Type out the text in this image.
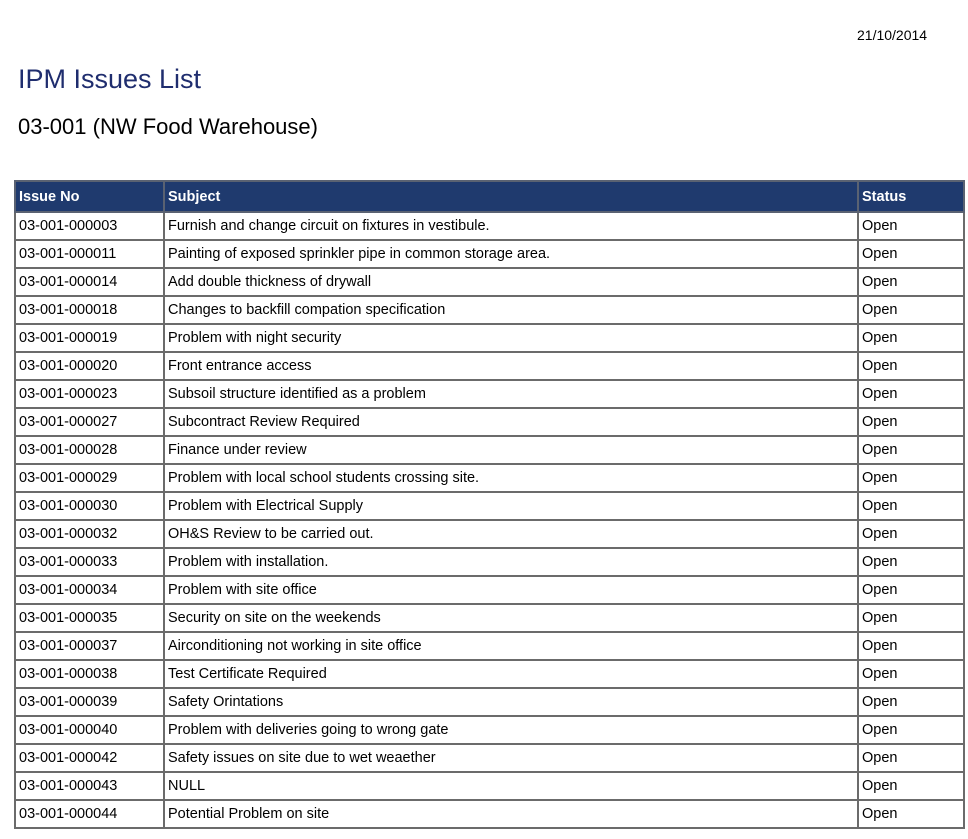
21/10/2014
IPM Issues List
03-001 (NW Food Warehouse)
Issue No	Subject	Status
03-001-000003	Furnish and change circuit on fixtures in vestibule.	Open
03-001-000011	Painting of exposed sprinkler pipe in common storage area.	Open
03-001-000014	Add double thickness of drywall	Open
03-001-000018	Changes to backfill compation specification	Open
03-001-000019	Problem with night security	Open
03-001-000020	Front entrance access	Open
03-001-000023	Subsoil structure identified as a problem	Open
03-001-000027	Subcontract Review Required	Open
03-001-000028	Finance under review	Open
03-001-000029	Problem with local school students crossing site.	Open
03-001-000030	Problem with Electrical Supply	Open
03-001-000032	OH&S Review to be carried out.	Open
03-001-000033	Problem with installation.	Open
03-001-000034	Problem with site office	Open
03-001-000035	Security on site on the weekends	Open
03-001-000037	Airconditioning not working in site office	Open
03-001-000038	Test Certificate Required	Open
03-001-000039	Safety Orintations	Open
03-001-000040	Problem with deliveries going to wrong gate	Open
03-001-000042	Safety issues on site due to wet weaether	Open
03-001-000043	NULL	Open
03-001-000044	Potential Problem on site	Open
